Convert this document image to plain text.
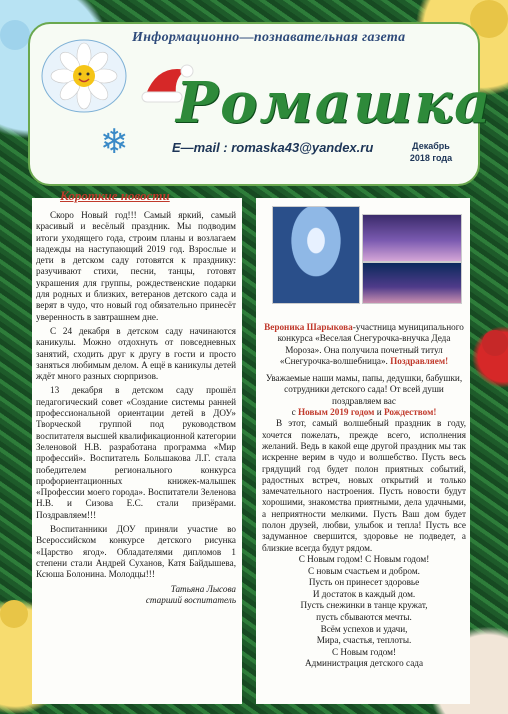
Информационно—познавательная газета
Ромашка
❄	E—mail : romaska43@yandex.ru	Декабрь
2018 года
Короткие новости

Скоро Новый год!!! Самый яркий, самый красивый и весёлый праздник. Мы подводим итоги уходящего года, строим планы и возлагаем надежды на наступающий 2019 год. Взрослые и дети в детском саду готовятся к празднику: разучивают стихи, песни, танцы, готовят украшения для группы, рождественские подарки для родных и близких, ветеранов детского сада и верят в чудо, что новый год обязательно принесёт уверенность в завтрашнем дне.

С 24 декабря в детском саду начинаются каникулы. Можно отдохнуть от повседневных занятий, сходить друг к другу в гости и просто заняться любимым делом. А ещё в каникулы детей ждёт много разных сюрпризов.

13 декабря в детском саду прошёл педагогический совет «Создание системы ранней профессиональной ориентации детей в ДОУ» Творческой группой под руководством воспитателя высшей квалификационной категории Зеленовой Н.В. разработана программа «Мир профессий». Воспитатель Большакова Л.Г. стала победителем регионального конкурса профориентационных книжек-малышек «Профессии моего города». Воспитатели Зеленова Н.В. и Сизова Е.С. стали призёрами. Поздравляем!!!

Воспитанники ДОУ приняли участие во Всероссийском конкурсе детского рисунка «Царство ягод». Обладателями дипломов 1 степени стали Андрей Суханов, Катя Байдышева, Ксюша Болонина. Молодцы!!!

Татьяна Лысова
старший воспитатель

Вероника Шарыкова-участница муниципального конкурса «Веселая Снегурочка-внучка Деда Мороза». Она получила почетный титул «Снегурочка-волшебница». Поздравляем!

Уважаемые наши мамы, папы, дедушки, бабушки, сотрудники детского сада! От всей души поздравляем вас

с Новым 2019 годом и Рождеством!

В этот, самый волшебный праздник в году, хочется пожелать, прежде всего, исполнения желаний. Ведь в какой еще другой праздник мы так искренне верим в чудо и волшебство. Пусть весь грядущий год будет полон приятных событий, радостных встреч, новых открытий и только замечательного настроения. Пусть новости будут хорошими, знакомства приятными, дела удачными, а неприятности мелкими. Пусть Ваш дом будет полон друзей, любви, улыбок и тепла! Пусть все задуманное свершится, здоровье не подведет, а близкие всегда будут рядом.

С Новым годом! С Новым годом!

С новым счастьем и добром.

Пусть он принесет здоровье

И достаток в каждый дом.

Пусть снежинки в танце кружат,

пусть сбываются мечты.

Всём успехов и удачи,

Мира, счастья, теплоты.

С Новым годом!

Администрация детского сада
